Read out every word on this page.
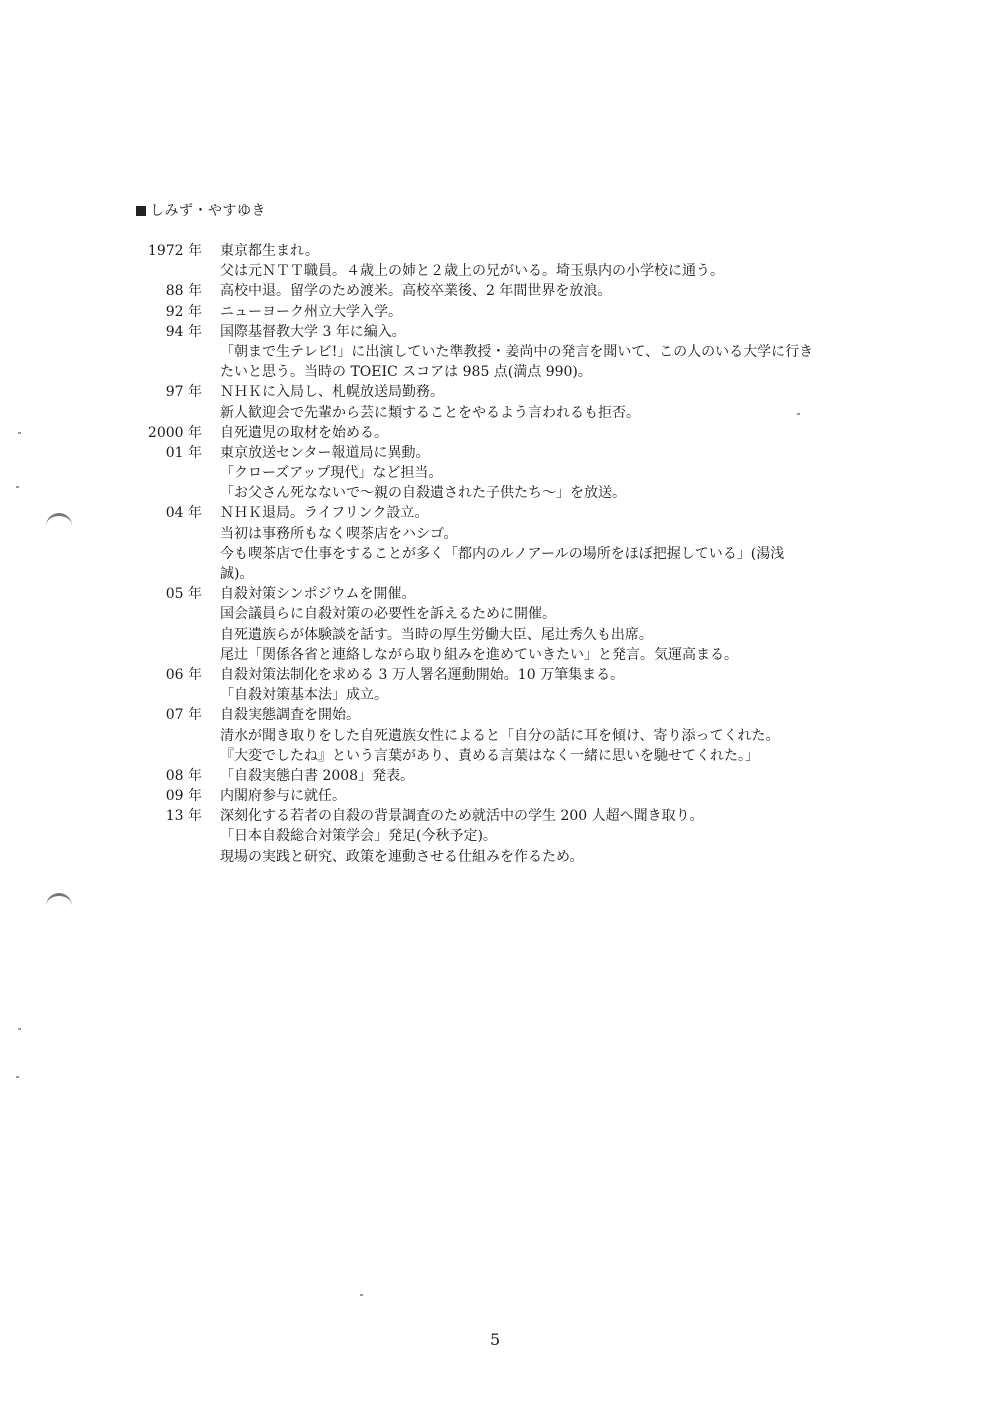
しみず・やすゆき
1972 年	東京都生まれ。
父は元ＮＴＴ職員。４歳上の姉と２歳上の兄がいる。埼玉県内の小学校に通う。
88 年	高校中退。留学のため渡米。高校卒業後、2 年間世界を放浪。
92 年	ニューヨーク州立大学入学。
94 年	国際基督教大学 3 年に編入。
「朝まで生テレビ!」に出演していた準教授・姜尚中の発言を聞いて、この人のいる大学に行き
たいと思う。当時の TOEIC スコアは 985 点(満点 990)。
97 年	ＮＨＫに入局し、札幌放送局勤務。
新人歓迎会で先輩から芸に類することをやるよう言われるも拒否。
2000 年	自死遺児の取材を始める。
01 年	東京放送センター報道局に異動。
「クローズアップ現代」など担当。
「お父さん死なないで～親の自殺遺された子供たち～」を放送。
04 年	ＮＨＫ退局。ライフリンク設立。
当初は事務所もなく喫茶店をハシゴ。
今も喫茶店で仕事をすることが多く「都内のルノアールの場所をほぼ把握している」(湯浅
誠)。
05 年	自殺対策シンポジウムを開催。
国会議員らに自殺対策の必要性を訴えるために開催。
自死遺族らが体験談を話す。当時の厚生労働大臣、尾辻秀久も出席。
尾辻「関係各省と連絡しながら取り組みを進めていきたい」と発言。気運高まる。
06 年	自殺対策法制化を求める 3 万人署名運動開始。10 万筆集まる。
「自殺対策基本法」成立。
07 年	自殺実態調査を開始。
清水が聞き取りをした自死遺族女性によると「自分の話に耳を傾け、寄り添ってくれた。
『大変でしたね』という言葉があり、責める言葉はなく一緒に思いを馳せてくれた。」
08 年	「自殺実態白書 2008」発表。
09 年	内閣府参与に就任。
13 年	深刻化する若者の自殺の背景調査のため就活中の学生 200 人超へ聞き取り。
「日本自殺総合対策学会」発足(今秋予定)。
現場の実践と研究、政策を連動させる仕組みを作るため。
5
